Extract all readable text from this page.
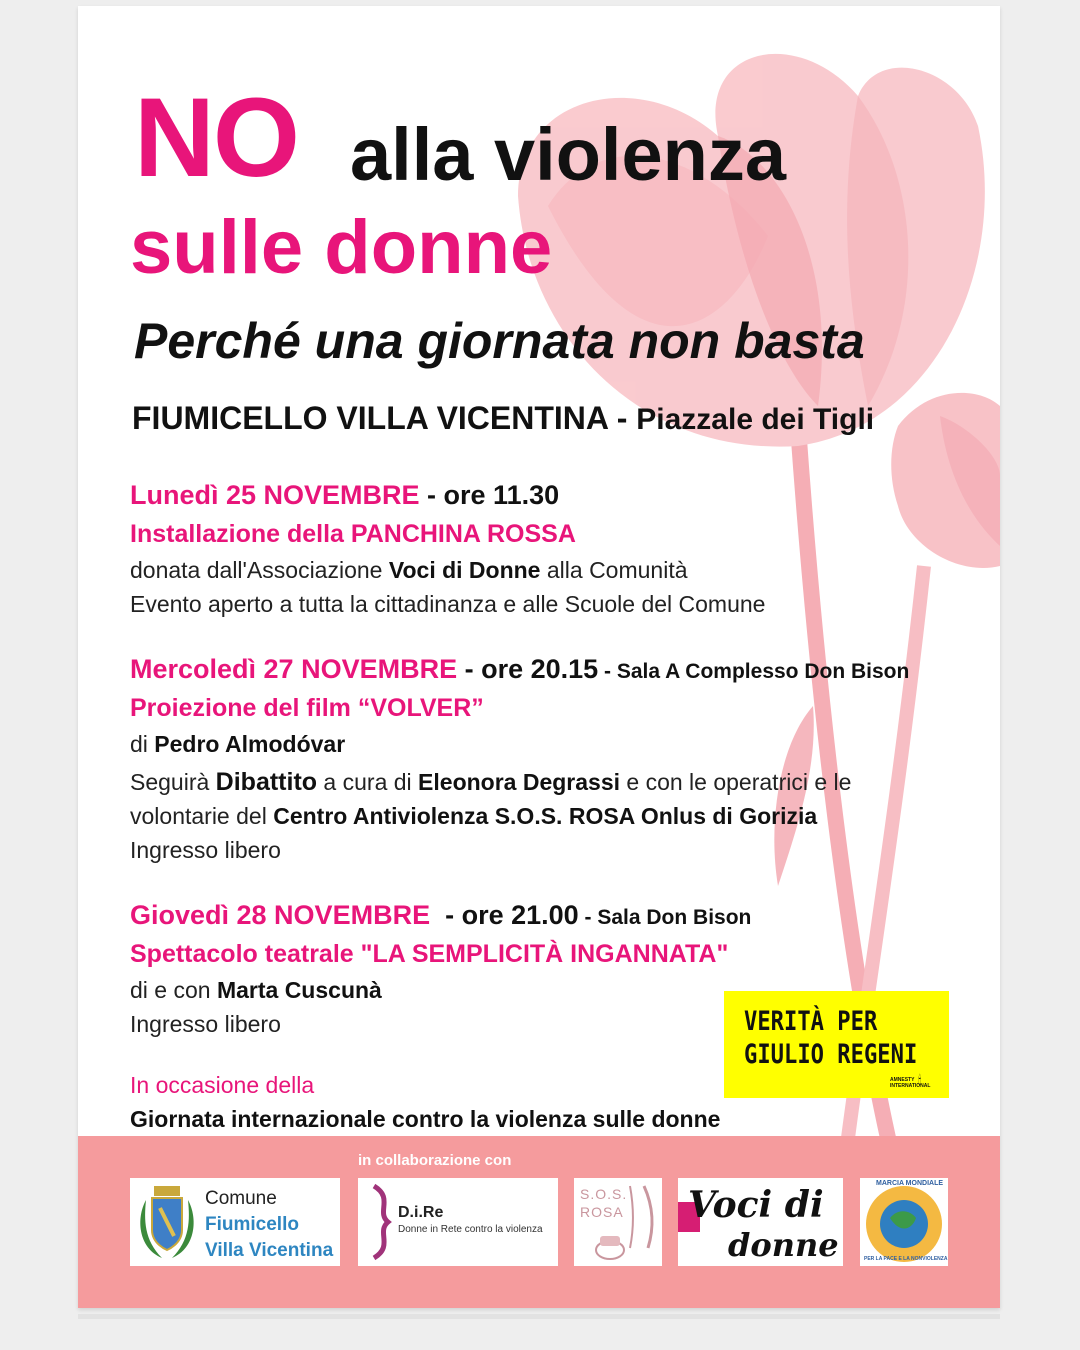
NO alla violenza
sulle donne
Perché una giornata non basta
FIUMICELLO VILLA VICENTINA - Piazzale dei Tigli
Lunedì 25 NOVEMBRE - ore 11.30
Installazione della PANCHINA ROSSA
donata dall'Associazione Voci di Donne alla Comunità
Evento aperto a tutta la cittadinanza e alle Scuole del Comune
Mercoledì 27 NOVEMBRE - ore 20.15 - Sala A Complesso Don Bison
Proiezione del film “VOLVER”
di Pedro Almodóvar
Seguirà Dibattito a cura di Eleonora Degrassi e con le operatrici e le
volontarie del Centro Antiviolenza S.O.S. ROSA Onlus di Gorizia
Ingresso libero
Giovedì 28 NOVEMBRE  - ore 21.00 - Sala Don Bison
Spettacolo teatrale "LA SEMPLICITÀ INGANNATA"
di e con Marta Cuscunà
Ingresso libero
In occasione della
Giornata internazionale contro la violenza sulle donne
VERITÀ PER
GIULIO REGENI
AMNESTY INTERNATIONAL
🕯
in collaborazione con
Comune
Fiumicello
Villa Vicentina
D.i.Re
Donne in Rete contro la violenza
S.O.S.
ROSA Voci di
donne
MARCIA MONDIALE
PER LA PACE E LA NONVIOLENZA
